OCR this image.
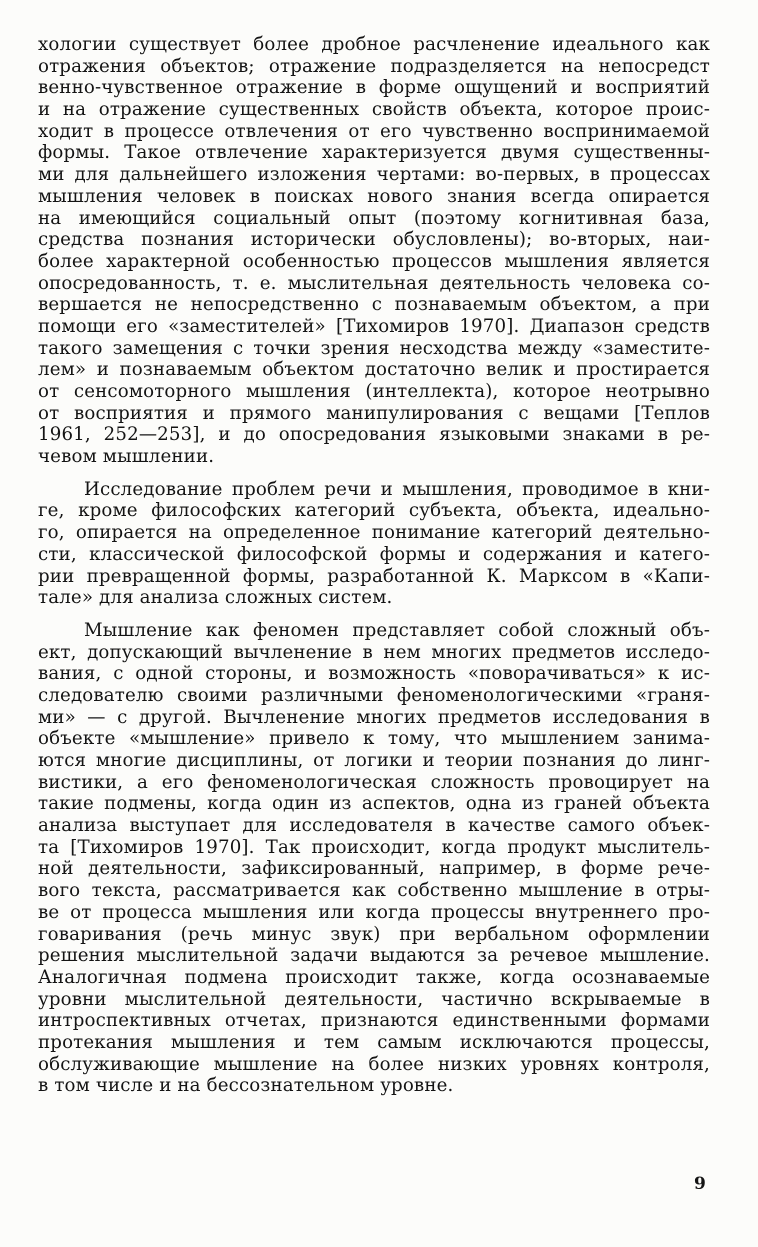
хологии существует более дробное расчленение идеального как
отражения объектов; отражение подразделяется на непосредст
венно-чувственное отражение в форме ощущений и восприятий
и на отражение существенных свойств объекта, которое проис-
ходит в процессе отвлечения от его чувственно воспринимаемой
формы. Такое отвлечение характеризуется двумя существенны-
ми для дальнейшего изложения чертами: во-первых, в процессах
мышления человек в поисках нового знания всегда опирается
на имеющийся социальный опыт (поэтому когнитивная база,
средства познания исторически обусловлены); во-вторых, наи-
более характерной особенностью процессов мышления является
опосредованность, т. е. мыслительная деятельность человека со-
вершается не непосредственно с познаваемым объектом, а при
помощи его «заместителей» [Тихомиров 1970]. Диапазон средств
такого замещения с точки зрения несходства между «заместите-
лем» и познаваемым объектом достаточно велик и простирается
от сенсомоторного мышления (интеллекта), которое неотрывно
от восприятия и прямого манипулирования с вещами [Теплов
1961, 252—253], и до опосредования языковыми знаками в ре-
чевом мышлении.
Исследование проблем речи и мышления, проводимое в кни-
ге, кроме философских категорий субъекта, объекта, идеально-
го, опирается на определенное понимание категорий деятельно-
сти, классической философской формы и содержания и катего-
рии превращенной формы, разработанной К. Марксом в «Капи-
тале» для анализа сложных систем.
Мышление как феномен представляет собой сложный объ-
ект, допускающий вычленение в нем многих предметов исследо-
вания, с одной стороны, и возможность «поворачиваться» к ис-
следователю своими различными феноменологическими «граня-
ми» — с другой. Вычленение многих предметов исследования в
объекте «мышление» привело к тому, что мышлением занима-
ются многие дисциплины, от логики и теории познания до линг-
вистики, а его феноменологическая сложность провоцирует на
такие подмены, когда один из аспектов, одна из граней объекта
анализа выступает для исследователя в качестве самого объек-
та [Тихомиров 1970]. Так происходит, когда продукт мыслитель-
ной деятельности, зафиксированный, например, в форме рече-
вого текста, рассматривается как собственно мышление в отры-
ве от процесса мышления или когда процессы внутреннего про-
говаривания (речь минус звук) при вербальном оформлении
решения мыслительной задачи выдаются за речевое мышление.
Аналогичная подмена происходит также, когда осознаваемые
уровни мыслительной деятельности, частично вскрываемые в
интроспективных отчетах, признаются единственными формами
протекания мышления и тем самым исключаются процессы,
обслуживающие мышление на более низких уровнях контроля,
в том числе и на бессознательном уровне.
9
